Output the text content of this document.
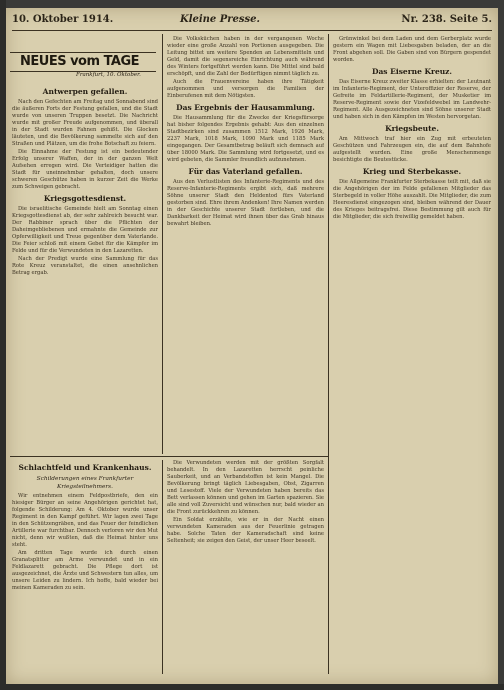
10. Oktober 1914.	Kleine Presse.	Nr. 238. Seite 5.
NEUES vom TAGE
Frankfurt, 10. Oktober.
Antwerpen gefallen.

Nach den Gefechten am Freitag und Sonnabend sind die äußeren Forts der Festung gefallen, und die Stadt wurde von unseren Truppen besetzt. Die Nachricht wurde mit großer Freude aufgenommen, und überall in der Stadt wurden Fahnen gehißt. Die Glocken läuteten, und die Bevölkerung sammelte sich auf den Straßen und Plätzen, um die frohe Botschaft zu feiern.

Die Einnahme der Festung ist ein bedeutender Erfolg unserer Waffen, der in der ganzen Welt Aufsehen erregen wird. Die Verteidiger hatten die Stadt für uneinnehmbar gehalten, doch unsere schweren Geschütze haben in kurzer Zeit die Werke zum Schweigen gebracht.

Kriegsgottesdienst.

Die israelitische Gemeinde hielt am Sonntag einen Kriegsgottesdienst ab, der sehr zahlreich besucht war. Der Rabbiner sprach über die Pflichten der Daheimgebliebenen und ermahnte die Gemeinde zur Opferwilligkeit und Treue gegenüber dem Vaterlande. Die Feier schloß mit einem Gebet für die Kämpfer im Felde und für die Verwundeten in den Lazaretten.

Nach der Predigt wurde eine Sammlung für das Rote Kreuz veranstaltet, die einen ansehnlichen Betrag ergab.

Die Volksküchen haben in der vergangenen Woche wieder eine große Anzahl von Portionen ausgegeben. Die Leitung bittet um weitere Spenden an Lebensmitteln und Geld, damit die segensreiche Einrichtung auch während des Winters fortgeführt werden kann. Die Mittel sind bald erschöpft, und die Zahl der Bedürftigen nimmt täglich zu.

Auch die Frauenvereine haben ihre Tätigkeit aufgenommen und versorgen die Familien der Einberufenen mit dem Nötigsten.

Das Ergebnis der Hausammlung.

Die Hausammlung für die Zwecke der Kriegsfürsorge hat bisher folgendes Ergebnis gehabt: Aus den einzelnen Stadtbezirken sind zusammen 1512 Mark, 1926 Mark, 2237 Mark, 1018 Mark, 1090 Mark und 1185 Mark eingegangen. Der Gesamtbetrag beläuft sich demnach auf über 18000 Mark. Die Sammlung wird fortgesetzt, und es wird gebeten, die Sammler freundlich aufzunehmen.

Für das Vaterland gefallen.

Aus den Verlustlisten des Infanterie-Regiments und des Reserve-Infanterie-Regiments ergibt sich, daß mehrere Söhne unserer Stadt den Heldentod fürs Vaterland gestorben sind. Ehre ihrem Andenken! Ihre Namen werden in der Geschichte unserer Stadt fortleben, und die Dankbarkeit der Heimat wird ihnen über das Grab hinaus bewahrt bleiben.

Grünwinkel bei dem Laden und dem Gerberplatz wurde gestern ein Wagen mit Liebesgaben beladen, der an die Front abgehen soll. Die Gaben sind von Bürgern gespendet worden.

Das Eiserne Kreuz.

Das Eiserne Kreuz zweiter Klasse erhielten: der Leutnant im Infanterie-Regiment, der Unteroffizier der Reserve, der Gefreite im Feldartillerie-Regiment, der Musketier im Reserve-Regiment sowie der Vizefeldwebel im Landwehr-Regiment. Alle Ausgezeichneten sind Söhne unserer Stadt und haben sich in den Kämpfen im Westen hervorgetan.

Kriegsbeute.

Am Mittwoch traf hier ein Zug mit erbeuteten Geschützen und Fahrzeugen ein, die auf dem Bahnhofe aufgestellt wurden. Eine große Menschenmenge besichtigte die Beutestücke.

Krieg und Sterbekasse.

Die Allgemeine Frankfurter Sterbekasse teilt mit, daß sie die Angehörigen der im Felde gefallenen Mitglieder das Sterbegeld in voller Höhe auszahlt. Die Mitglieder, die zum Heeresdienst eingezogen sind, bleiben während der Dauer des Krieges beitragsfrei. Diese Bestimmung gilt auch für die Mitglieder, die sich freiwillig gemeldet haben.

Schlachtfeld und Krankenhaus.
Schilderungen eines Frankfurter Kriegsteilnehmers.

Wir entnehmen einem Feldpostbriefe, den ein hiesiger Bürger an seine Angehörigen gerichtet hat, folgende Schilderung: Am 4. Oktober wurde unser Regiment in den Kampf geführt. Wir lagen zwei Tage in den Schützengräben, und das Feuer der feindlichen Artillerie war furchtbar. Dennoch verloren wir den Mut nicht, denn wir wußten, daß die Heimat hinter uns steht.

Am dritten Tage wurde ich durch einen Granatsplitter am Arme verwundet und in ein Feldlazarett gebracht. Die Pflege dort ist ausgezeichnet, die Ärzte und Schwestern tun alles, um unsere Leiden zu lindern. Ich hoffe, bald wieder bei meinen Kameraden zu sein.

Die Verwundeten werden mit der größten Sorgfalt behandelt. In den Lazaretten herrscht peinliche Sauberkeit, und an Verbandstoffen ist kein Mangel. Die Bevölkerung bringt täglich Liebesgaben, Obst, Zigarren und Lesestoff. Viele der Verwundeten haben bereits das Bett verlassen können und gehen im Garten spazieren. Sie alle sind voll Zuversicht und wünschen nur, bald wieder an die Front zurückkehren zu können.

Ein Soldat erzählte, wie er in der Nacht einen verwundeten Kameraden aus der Feuerlinie getragen habe. Solche Taten der Kameradschaft sind keine Seltenheit; sie zeigen den Geist, der unser Heer beseelt.
